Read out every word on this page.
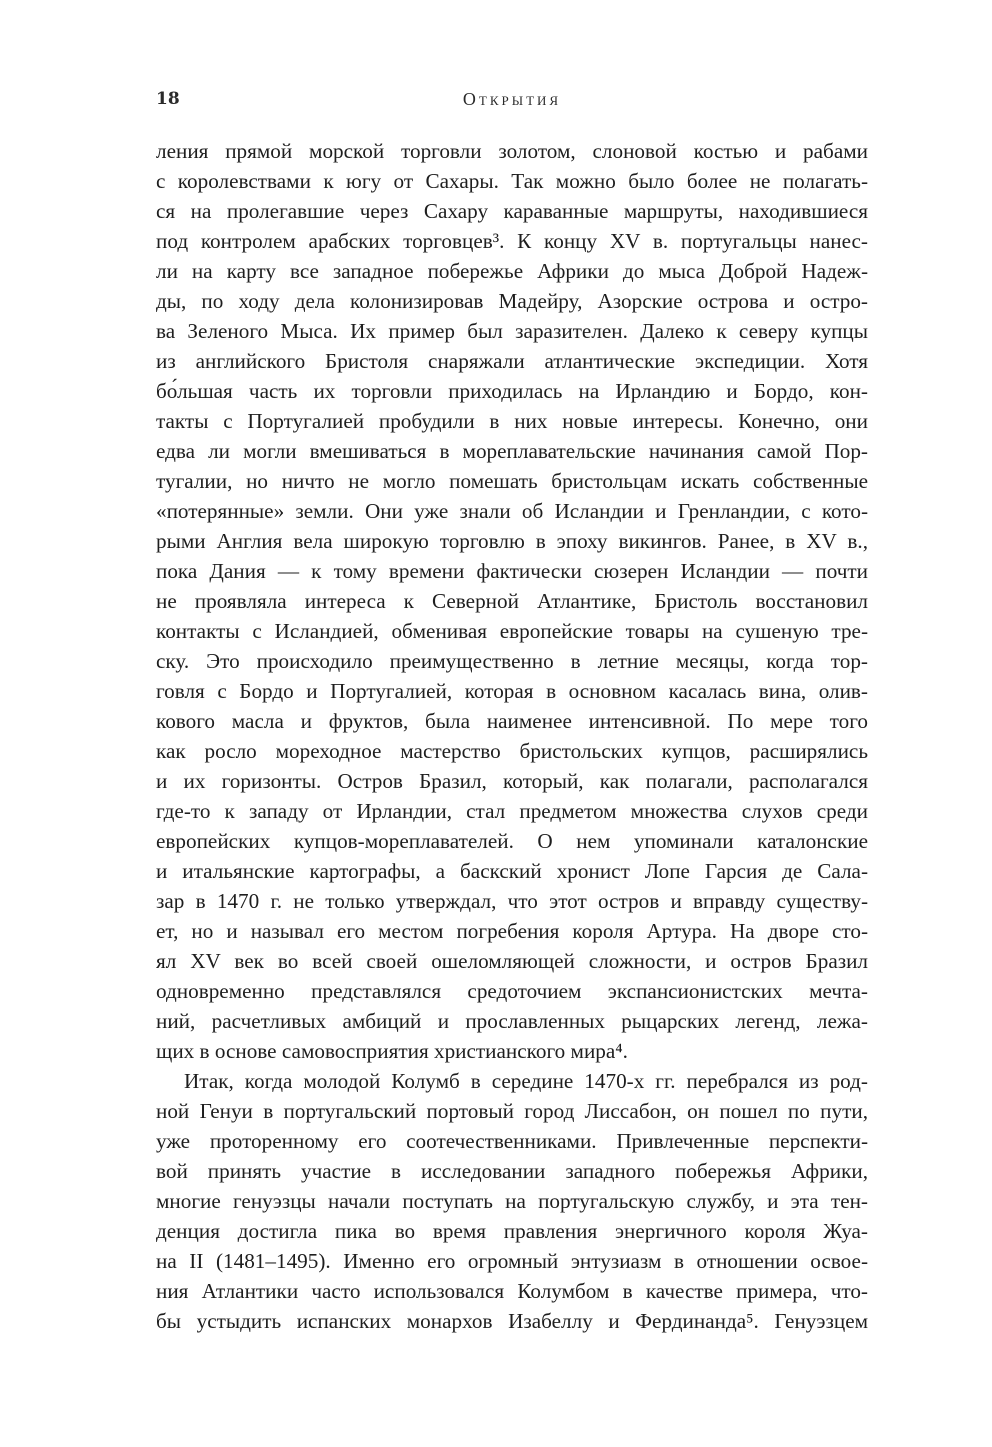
18	Открытия
ления прямой морской торговли золотом, слоновой костью и рабами
с королевствами к югу от Сахары. Так можно было более не полагать-
ся на пролегавшие через Сахару караванные маршруты, находившиеся
под контролем арабских торговцев³. К концу XV в. португальцы нанес-
ли на карту все западное побережье Африки до мыса Доброй Надеж-
ды, по ходу дела колонизировав Мадейру, Азорские острова и остро-
ва Зеленого Мыса. Их пример был заразителен. Далеко к северу купцы
из английского Бристоля снаряжали атлантические экспедиции. Хотя
бо́льшая часть их торговли приходилась на Ирландию и Бордо, кон-
такты с Португалией пробудили в них новые интересы. Конечно, они
едва ли могли вмешиваться в мореплавательские начинания самой Пор-
тугалии, но ничто не могло помешать бристольцам искать собственные
«потерянные» земли. Они уже знали об Исландии и Гренландии, с кото-
рыми Англия вела широкую торговлю в эпоху викингов. Ранее, в XV в.,
пока Дания — к тому времени фактически сюзерен Исландии — почти
не проявляла интереса к Северной Атлантике, Бристоль восстановил
контакты с Исландией, обменивая европейские товары на сушеную тре-
ску. Это происходило преимущественно в летние месяцы, когда тор-
говля с Бордо и Португалией, которая в основном касалась вина, олив-
кового масла и фруктов, была наименее интенсивной. По мере того
как росло мореходное мастерство бристольских купцов, расширялись
и их горизонты. Остров Бразил, который, как полагали, располагался
где-то к западу от Ирландии, стал предметом множества слухов среди
европейских купцов-мореплавателей. О нем упоминали каталонские
и итальянские картографы, а баскский хронист Лопе Гарсия де Сала-
зар в 1470 г. не только утверждал, что этот остров и вправду существу-
ет, но и называл его местом погребения короля Артура. На дворе сто-
ял XV век во всей своей ошеломляющей сложности, и остров Бразил
одновременно представлялся средоточием экспансионистских мечта-
ний, расчетливых амбиций и прославленных рыцарских легенд, лежа-
щих в основе самовосприятия христианского мира⁴.
Итак, когда молодой Колумб в середине 1470-х гг. перебрался из род-
ной Генуи в португальский портовый город Лиссабон, он пошел по пути,
уже проторенному его соотечественниками. Привлеченные перспекти-
вой принять участие в исследовании западного побережья Африки,
многие генуэзцы начали поступать на португальскую службу, и эта тен-
денция достигла пика во время правления энергичного короля Жуа-
на II (1481–1495). Именно его огромный энтузиазм в отношении освое-
ния Атлантики часто использовался Колумбом в качестве примера, что-
бы устыдить испанских монархов Изабеллу и Фердинанда⁵. Генуэзцем
